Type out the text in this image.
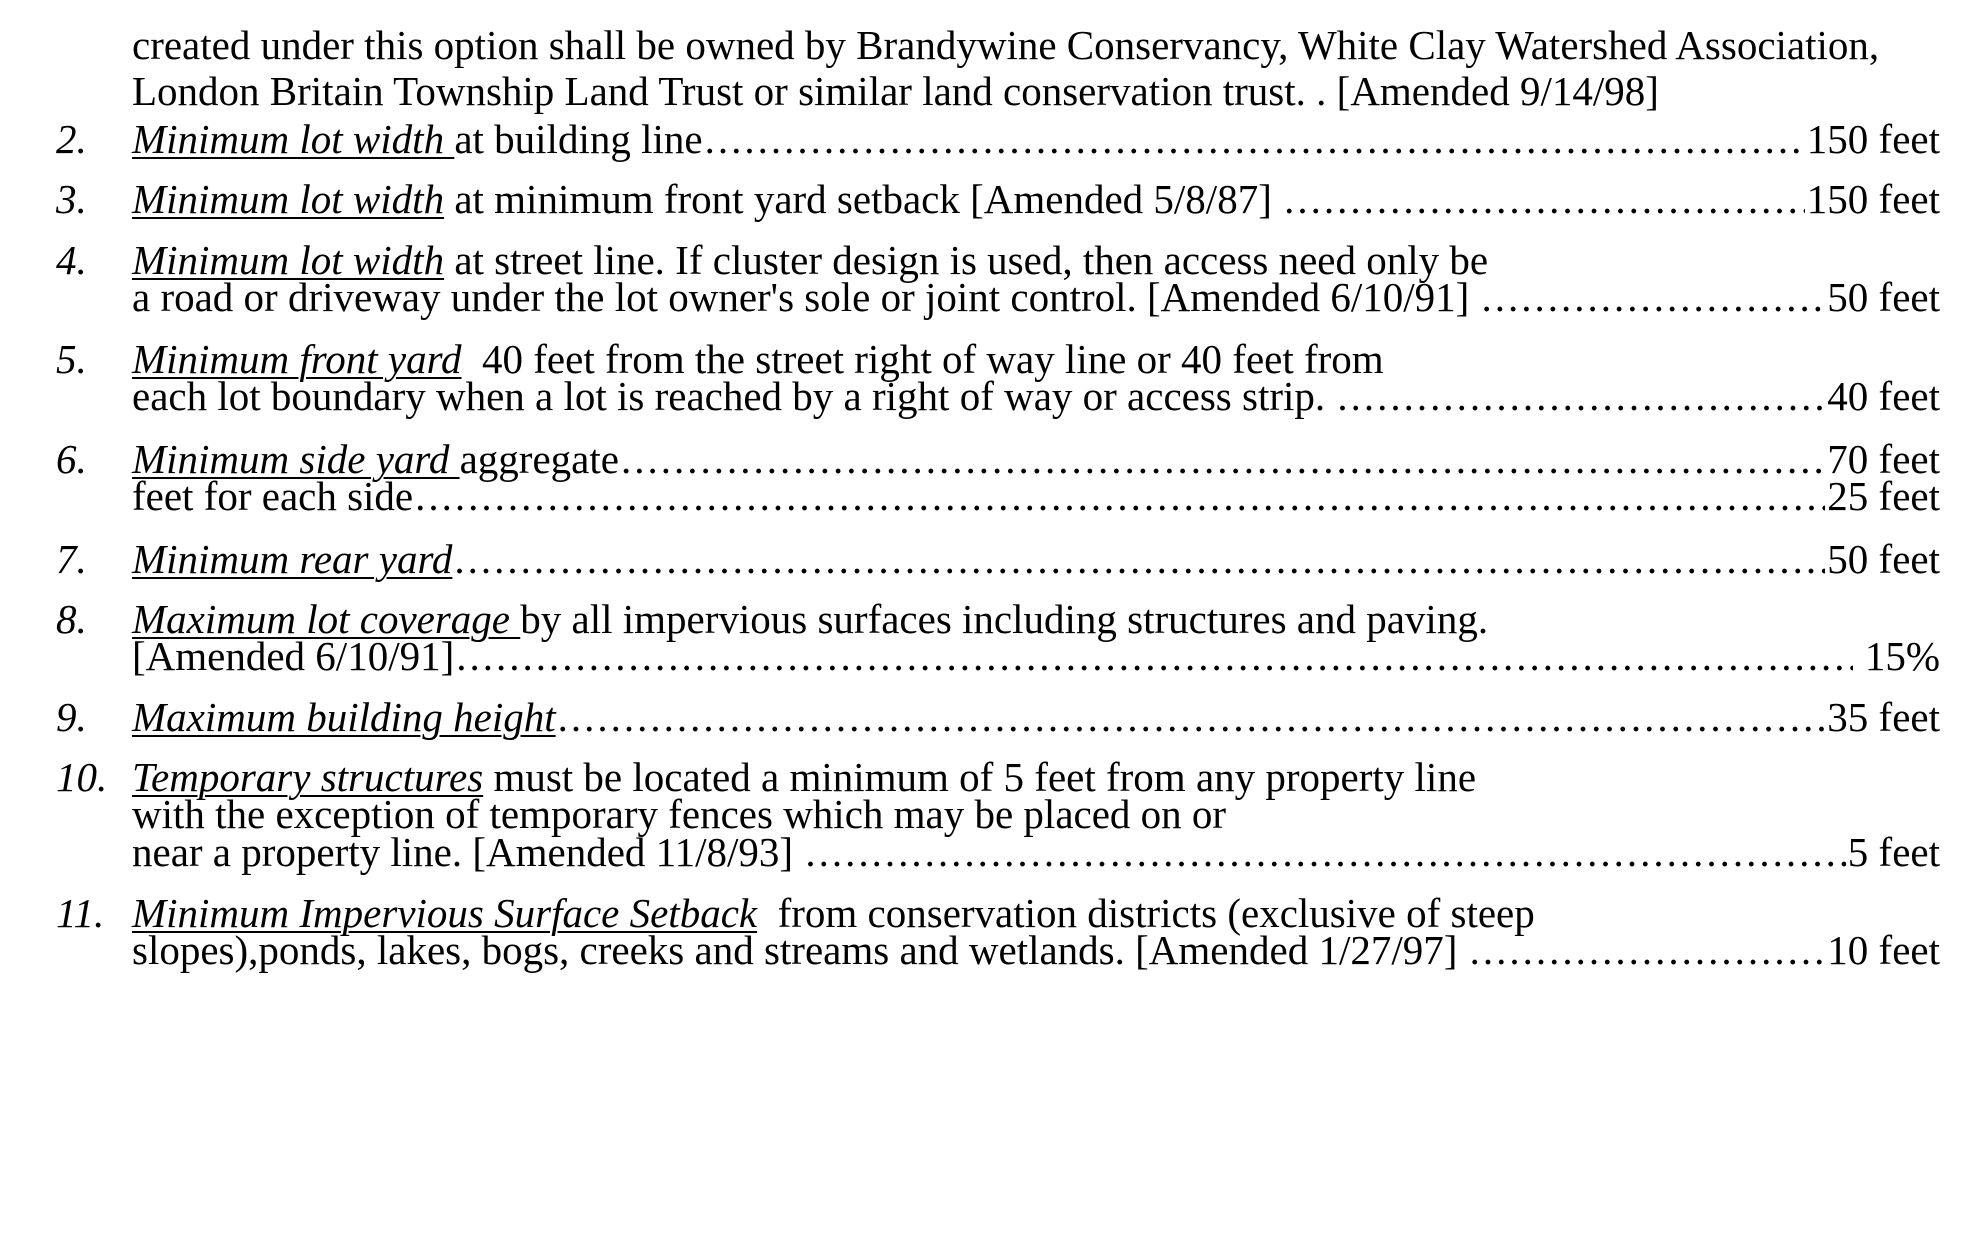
created under this option shall be owned by Brandywine Conservancy, White Clay Watershed Association,
London Britain Township Land Trust or similar land conservation trust. . [Amended 9/14/98]
2. Minimum lot width at building line .....	150 feet
3. Minimum lot width at minimum front yard setback [Amended 5/8/87] .....	150 feet
4. Minimum lot width at street line. If cluster design is used, then access need only be
a road or driveway under the lot owner's sole or joint control. [Amended 6/10/91] .....	50 feet
5. Minimum front yard  40 feet from the street right of way line or 40 feet from
each lot boundary when a lot is reached by a right of way or access strip. .....	40 feet
6. Minimum side yard aggregate .....	70 feet
feet for each side .....	25 feet
7. Minimum rear yard .....	50 feet
8. Maximum lot coverage by all impervious surfaces including structures and paving.
[Amended 6/10/91] .....	15%
9. Maximum building height .....	35 feet
10. Temporary structures must be located a minimum of 5 feet from any property line
with the exception of temporary fences which may be placed on or
near a property line. [Amended 11/8/93] .....	5 feet
11. Minimum Impervious Surface Setback  from conservation districts (exclusive of steep
slopes),ponds, lakes, bogs, creeks and streams and wetlands. [Amended 1/27/97] .....	10 feet
